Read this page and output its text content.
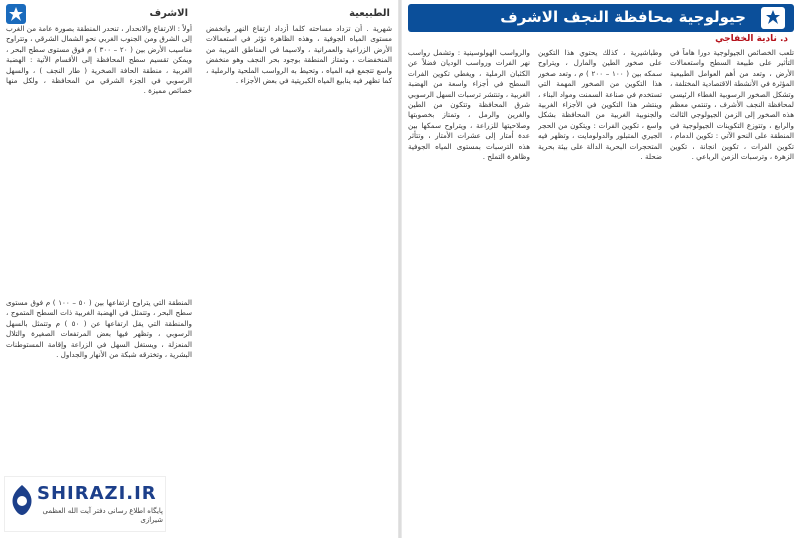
الطبيعية
الاشرف

شهرية . أن تزداد مساحته كلما أزداد ارتفاع النهر وانخفض مستوى المياه الجوفية ، وهذه الظاهرة تؤثر في استعمالات الأرض الزراعية والعمرانية ، ولاسيما في المناطق القريبة من المنخفضات ، وتمتاز المنطقة بوجود بحر النجف وهو منخفض واسع تتجمع فيه المياه ، وتحيط به الرواسب الملحية والرملية ، كما تظهر فيه ينابيع المياه الكبريتية في بعض الأجزاء .

أولاً : الارتفاع والانحدار ، تنحدر المنطقة بصورة عامة من الغرب إلى الشرق ومن الجنوب الغربي نحو الشمال الشرقي ، وتتراوح مناسيب الأرض بين ( ٢٠ – ٣٠٠ ) م فوق مستوى سطح البحر ، ويمكن تقسيم سطح المحافظة إلى الأقسام الآتية : الهضبة الغربية ، منطقة الحافة الصخرية ( طار النجف ) ، والسهل الرسوبي في الجزء الشرقي من المحافظة ، ولكل منها خصائص مميزة .

المنطقة التي يتراوح ارتفاعها بين ( ٥٠ – ١٠٠ ) م فوق مستوى سطح البحر ، وتتمثل في الهضبة الغربية ذات السطح المتموج ، والمنطقة التي يقل ارتفاعها عن ( ٥٠ ) م وتتمثل بالسهل الرسوبي ، وتظهر فيها بعض المرتفعات الصغيرة والتلال المنعزلة ، ويستغل السهل في الزراعة وإقامة المستوطنات البشرية ، وتخترقه شبكة من الأنهار والجداول .

SHIRAZI.IR
پایگاه اطلاع رسانی دفتر آیت الله العظمی شیرازی
جيولوجية محافظة النجف الاشرف
د. نادية الخفاجي

تلعب الخصائص الجيولوجية دورا هاماً في التأثير على طبيعة السطح واستعمالات الأرض ، وتعد من أهم العوامل الطبيعية المؤثرة في الأنشطة الاقتصادية المختلفة ، وتشكل الصخور الرسوبية الغطاء الرئيسي لمحافظة النجف الأشرف ، وتنتمي معظم هذه الصخور إلى الزمن الجيولوجي الثالث والرابع ، وتتوزع التكوينات الجيولوجية في المنطقة على النحو الآتي : تكوين الدمام ، تكوين الفرات ، تكوين انجانة ، تكوين الزهرة ، وترسبات الزمن الرباعي .

وطباشيرية ، كذلك يحتوي هذا التكوين على صخور الطين والمارل ، ويتراوح سمكه بين ( ١٠٠ – ٢٠٠ ) م ، وتعد صخور هذا التكوين من الصخور المهمة التي تستخدم في صناعة السمنت ومواد البناء ، وينتشر هذا التكوين في الأجزاء الغربية والجنوبية الغربية من المحافظة بشكل واسع ، تكوين الفرات : ويتكون من الحجر الجيري المتبلور والدولومايت ، وتظهر فيه المتحجرات البحرية الدالة على بيئة بحرية ضحلة .

والرواسب الهولوسينية : وتشمل رواسب نهر الفرات ورواسب الوديان فضلاً عن الكثبان الرملية ، ويغطي تكوين الفرات السطح في أجزاء واسعة من الهضبة الغربية ، وتنتشر ترسبات السهل الرسوبي شرق المحافظة وتتكون من الطين والغرين والرمل ، وتمتاز بخصوبتها وصلاحيتها للزراعة ، ويتراوح سمكها بين عدة أمتار إلى عشرات الأمتار ، وتتأثر هذه الترسبات بمستوى المياه الجوفية وظاهرة التملح .
